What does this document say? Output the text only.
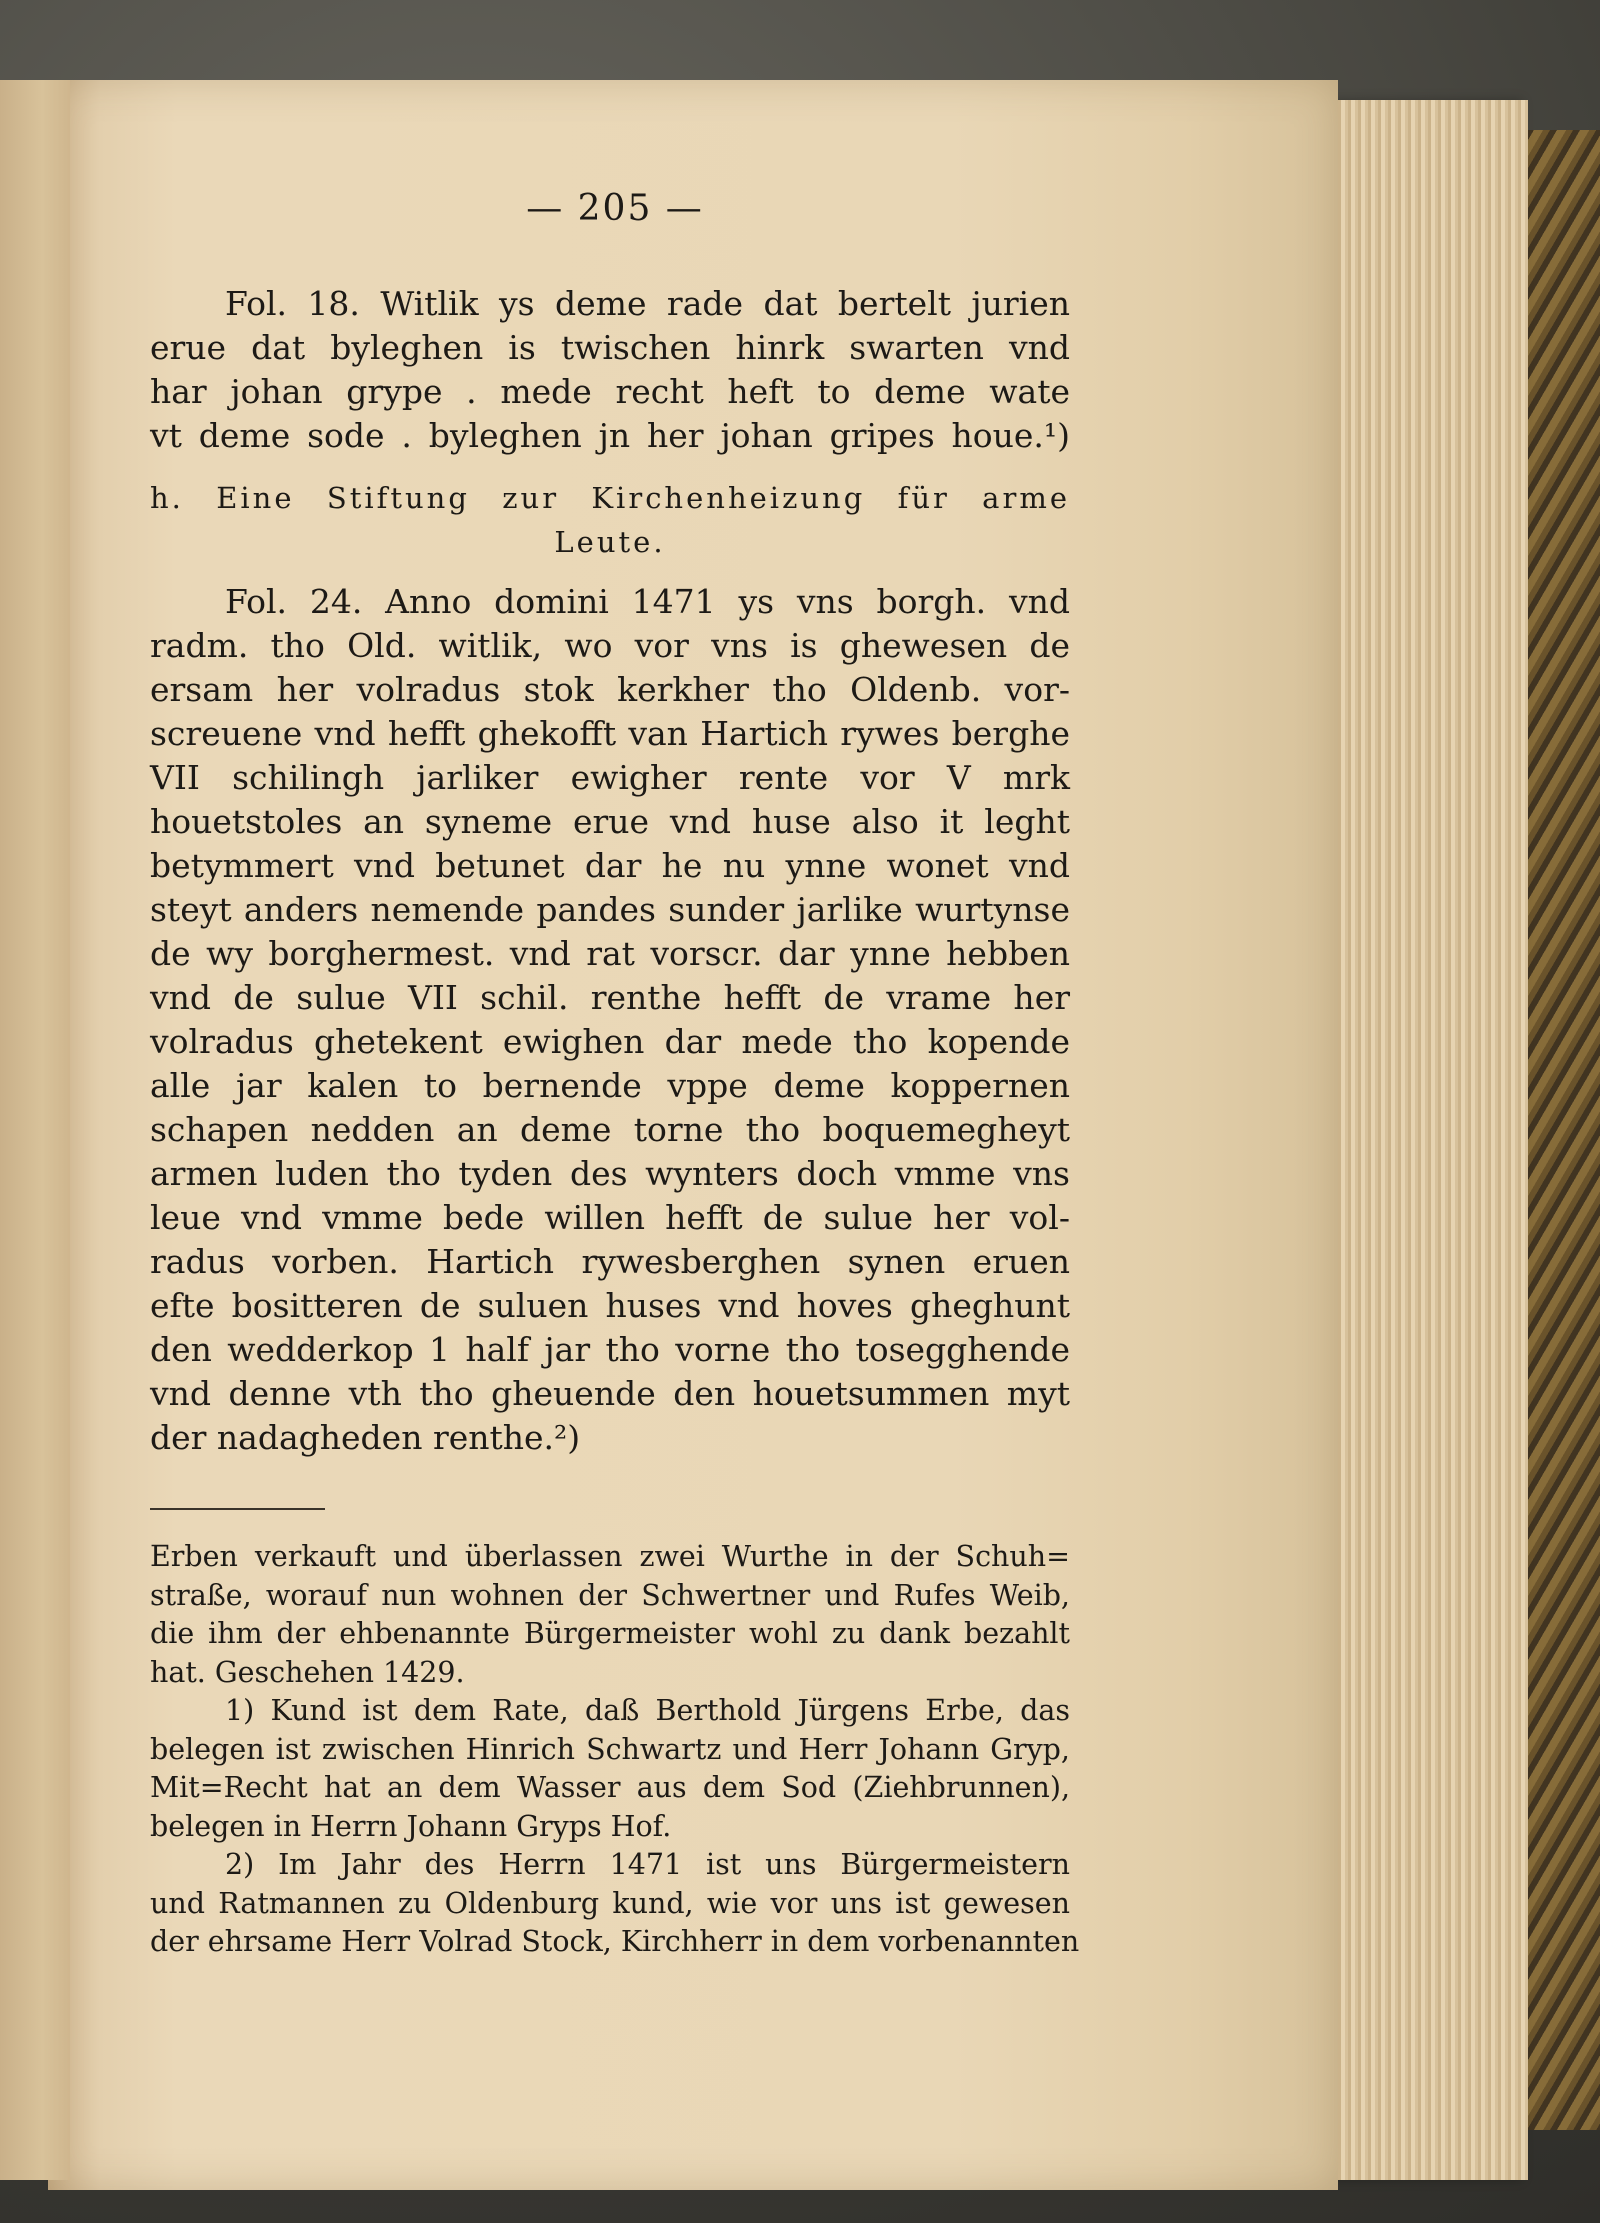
— 205 —

Fol. 18. Witlik ys deme rade dat bertelt jurien
erue dat byleghen is twischen hinrk swarten vnd
har johan grype . mede recht heft to deme wate
vt deme sode . byleghen jn her johan gripes houe.¹)

h. Eine Stiftung zur Kirchenheizung für arme
Leute.

Fol. 24. Anno domini 1471 ys vns borgh. vnd
radm. tho Old. witlik, wo vor vns is ghewesen de
ersam her volradus stok kerkher tho Oldenb. vor-
screuene vnd hefft ghekofft van Hartich rywes berghe
VII schilingh jarliker ewigher rente vor V mrk
houetstoles an syneme erue vnd huse also it leght
betymmert vnd betunet dar he nu ynne wonet vnd
steyt anders nemende pandes sunder jarlike wurtynse
de wy borghermest. vnd rat vorscr. dar ynne hebben
vnd de sulue VII schil. renthe hefft de vrame her
volradus ghetekent ewighen dar mede tho kopende
alle jar kalen to bernende vppe deme koppernen
schapen nedden an deme torne tho boquemegheyt
armen luden tho tyden des wynters doch vmme vns
leue vnd vmme bede willen hefft de sulue her vol-
radus vorben. Hartich rywesberghen synen eruen
efte bositteren de suluen huses vnd hoves gheghunt
den wedderkop 1 half jar tho vorne tho tosegghende
vnd denne vth tho gheuende den houetsummen myt
der nadagheden renthe.²)

Erben verkauft und überlassen zwei Wurthe in der Schuh=
straße, worauf nun wohnen der Schwertner und Rufes Weib,
die ihm der ehbenannte Bürgermeister wohl zu dank bezahlt
hat. Geschehen 1429.

1) Kund ist dem Rate, daß Berthold Jürgens Erbe, das
belegen ist zwischen Hinrich Schwartz und Herr Johann Gryp,
Mit=Recht hat an dem Wasser aus dem Sod (Ziehbrunnen),
belegen in Herrn Johann Gryps Hof.

2) Im Jahr des Herrn 1471 ist uns Bürgermeistern
und Ratmannen zu Oldenburg kund, wie vor uns ist gewesen
der ehrsame Herr Volrad Stock, Kirchherr in dem vorbenannten
